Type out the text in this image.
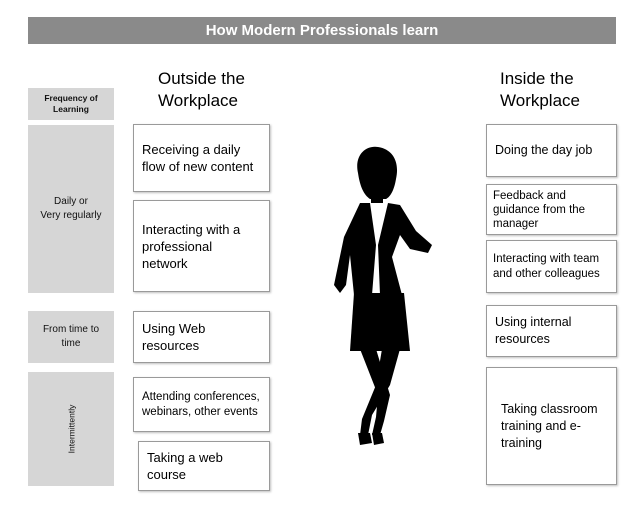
How Modern Professionals learn
Outside the
Workplace
Inside the
Workplace
Frequency of Learning
Daily or
Very regularly
From time to
time
Intermittently
Receiving a daily flow of new content
Interacting with a professional network
Using Web resources
Attending conferences, webinars, other events
Taking a web course
Doing the day job
Feedback and guidance from the manager
Interacting with team and other colleagues
Using internal resources
Taking classroom training and e-training
